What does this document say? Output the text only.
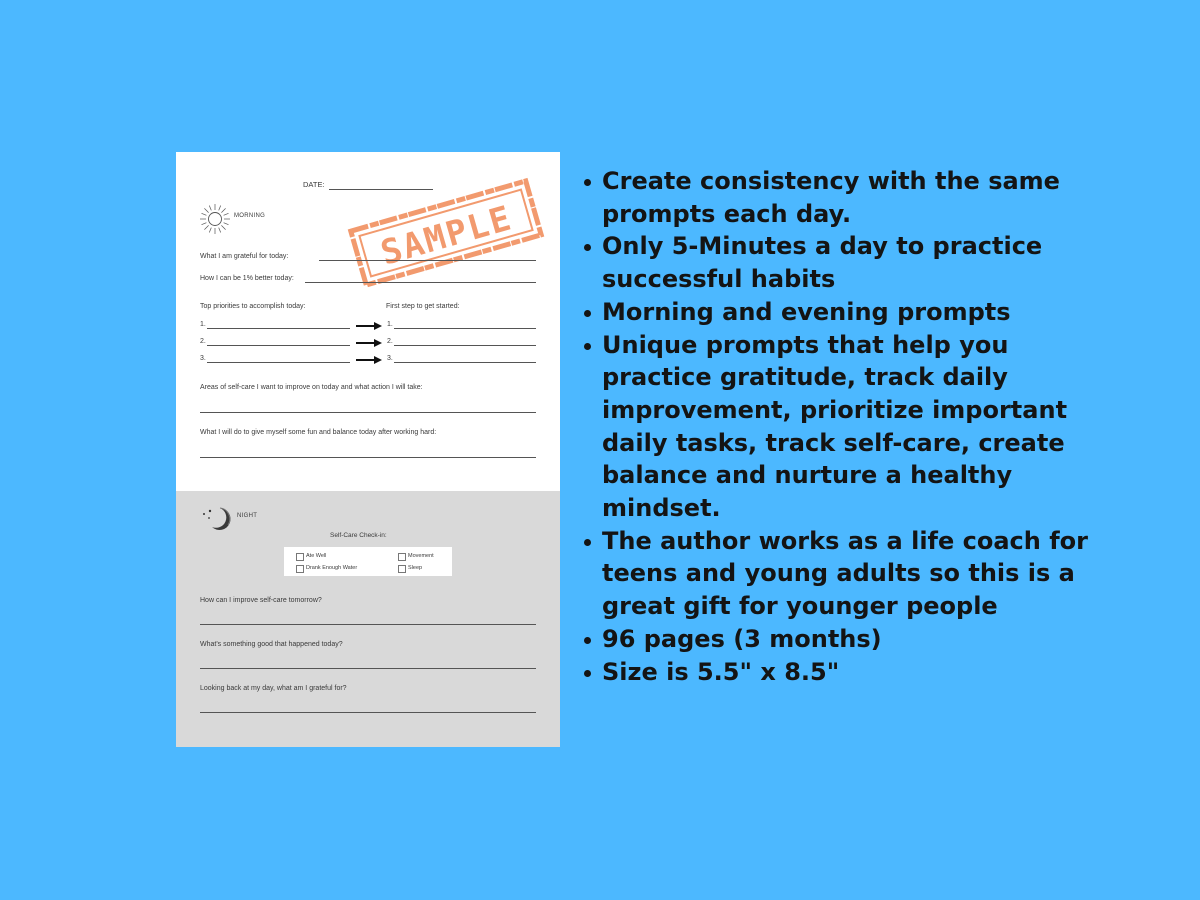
DATE:
MORNING	SAMPLE
What I am grateful for today:
How I can be 1% better today:
Top priorities to accomplish today:	First step to get started:
1.	1.
2.	2.
3.	3.
Areas of self-care I want to improve on today and what action I will take:
What I will do to give myself some fun and balance today after working hard:
NIGHT
Self-Care Check-in:
Ate Well	Movement
Drank Enough Water	Sleep
How can I improve self-care tomorrow?
What's something good that happened today?
Looking back at my day, what am I grateful for?
Create consistency with the same prompts each day.
Only 5-Minutes a day to practice successful habits
Morning and evening prompts
Unique prompts that help you practice gratitude, track daily improvement, prioritize important daily tasks, track self-care, create balance and nurture a healthy mindset.
The author works as a life coach for teens and young adults so this is a great gift for younger people
96 pages (3 months)
Size is 5.5" x 8.5"
